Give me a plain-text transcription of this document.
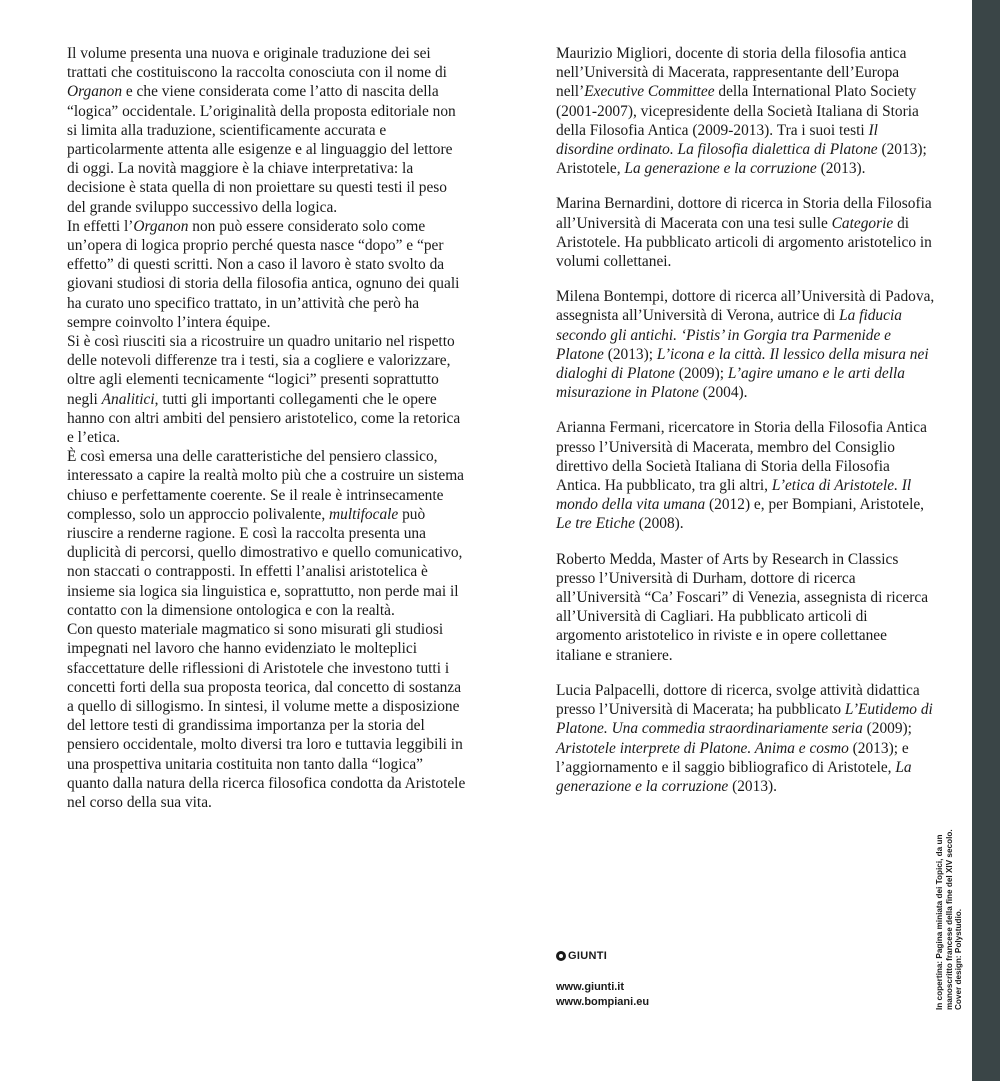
Il volume presenta una nuova e originale traduzione dei sei trattati che costituiscono la raccolta conosciuta con il nome di Organon e che viene considerata come l’atto di nascita della “logica” occidentale. L’originalità della proposta editoriale non si limita alla traduzione, scientificamente accurata e particolarmente attenta alle esigenze e al linguaggio del lettore di oggi. La novità maggiore è la chiave interpretativa: la decisione è stata quella di non proiettare su questi testi il peso del grande sviluppo successivo della logica.

In effetti l’Organon non può essere considerato solo come un’opera di logica proprio perché questa nasce “dopo” e “per effetto” di questi scritti. Non a caso il lavoro è stato svolto da giovani studiosi di storia della filosofia antica, ognuno dei quali ha curato uno specifico trattato, in un’attività che però ha sempre coinvolto l’intera équipe.

Si è così riusciti sia a ricostruire un quadro unitario nel rispetto delle notevoli differenze tra i testi, sia a cogliere e valorizzare, oltre agli elementi tecnicamente “logici” presenti soprattutto negli Analitici, tutti gli importanti collegamenti che le opere hanno con altri ambiti del pensiero aristotelico, come la retorica e l’etica.

È così emersa una delle caratteristiche del pensiero classico, interessato a capire la realtà molto più che a costruire un sistema chiuso e perfettamente coerente. Se il reale è intrinsecamente complesso, solo un approccio polivalente, multifocale può riuscire a renderne ragione. E così la raccolta presenta una duplicità di percorsi, quello dimostrativo e quello comunicativo, non staccati o contrapposti. In effetti l’analisi aristotelica è insieme sia logica sia linguistica e, soprattutto, non perde mai il contatto con la dimensione ontologica e con la realtà.

Con questo materiale magmatico si sono misurati gli studiosi impegnati nel lavoro che hanno evidenziato le molteplici sfaccettature delle riflessioni di Aristotele che investono tutti i concetti forti della sua proposta teorica, dal concetto di sostanza a quello di sillogismo. In sintesi, il volume mette a disposizione del lettore testi di grandissima importanza per la storia del pensiero occidentale, molto diversi tra loro e tuttavia leggibili in una prospettiva unitaria costituita non tanto dalla “logica” quanto dalla natura della ricerca filosofica condotta da Aristotele nel corso della sua vita.

Maurizio Migliori, docente di storia della filosofia antica nell’Università di Macerata, rappresentante dell’Europa nell’Executive Committee della International Plato Society (2001-2007), vicepresidente della Società Italiana di Storia della Filosofia Antica (2009-2013). Tra i suoi testi Il disordine ordinato. La filosofia dialettica di Platone (2013); Aristotele, La generazione e la corruzione (2013).

Marina Bernardini, dottore di ricerca in Storia della Filosofia all’Università di Macerata con una tesi sulle Categorie di Aristotele. Ha pubblicato articoli di argomento aristotelico in volumi collettanei.

Milena Bontempi, dottore di ricerca all’Università di Padova, assegnista all’Università di Verona, autrice di La fiducia secondo gli antichi. ‘Pistis’ in Gorgia tra Parmenide e Platone (2013); L’icona e la città. Il lessico della misura nei dialoghi di Platone (2009); L’agire umano e le arti della misurazione in Platone (2004).

Arianna Fermani, ricercatore in Storia della Filosofia Antica presso l’Università di Macerata, membro del Consiglio direttivo della Società Italiana di Storia della Filosofia Antica. Ha pubblicato, tra gli altri, L’etica di Aristotele. Il mondo della vita umana (2012) e, per Bompiani, Aristotele, Le tre Etiche (2008).

Roberto Medda, Master of Arts by Research in Classics presso l’Università di Durham, dottore di ricerca all’Università “Ca’ Foscari” di Venezia, assegnista di ricerca all’Università di Cagliari. Ha pubblicato articoli di argomento aristotelico in riviste e in opere collettanee italiane e straniere.

Lucia Palpacelli, dottore di ricerca, svolge attività didattica presso l’Università di Macerata; ha pubblicato L’Eutidemo di Platone. Una commedia straordinariamente seria (2009); Aristotele interprete di Platone. Anima e cosmo (2013); e l’aggiornamento e il saggio bibliografico di Aristotele, La generazione e la corruzione (2013).

GIUNTI
www.giunti.it
www.bompiani.eu	In copertina: Pagina miniata dei Topici, da un manoscritto francese della fine del XIV secolo. Cover design: Polystudio.
